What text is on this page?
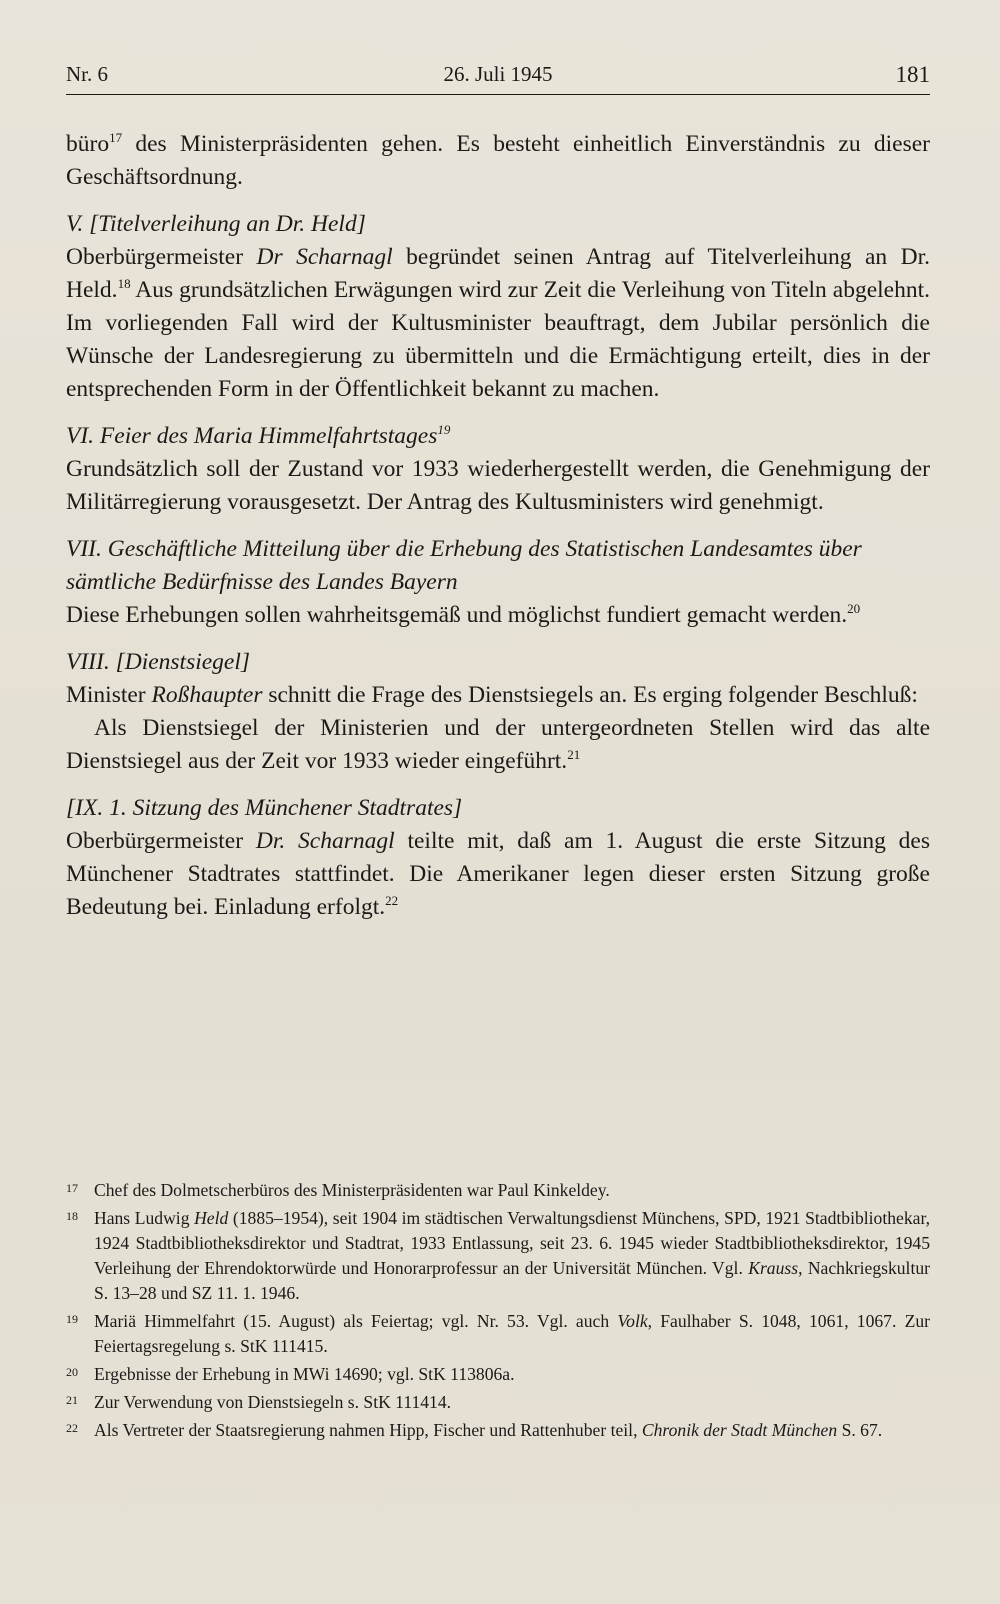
Nr. 6	26. Juli 1945	181

büro$^{17}$ des Ministerpräsidenten gehen. Es besteht einheitlich Einverständnis zu dieser Geschäftsordnung.

V. [Titelverleihung an Dr. Held]

Oberbürgermeister Dr Scharnagl begründet seinen Antrag auf Titelverleihung an Dr. Held.$^{18}$ Aus grundsätzlichen Erwägungen wird zur Zeit die Verleihung von Titeln abgelehnt. Im vorliegenden Fall wird der Kultusminister beauftragt, dem Jubilar persönlich die Wünsche der Landesregierung zu übermitteln und die Ermächtigung erteilt, dies in der entsprechenden Form in der Öffentlichkeit bekannt zu machen.

VI. Feier des Maria Himmelfahrtstages$^{19}$

Grundsätzlich soll der Zustand vor 1933 wiederhergestellt werden, die Genehmigung der Militärregierung vorausgesetzt. Der Antrag des Kultusministers wird genehmigt.

VII. Geschäftliche Mitteilung über die Erhebung des Statistischen Landesamtes über sämtliche Bedürfnisse des Landes Bayern

Diese Erhebungen sollen wahrheitsgemäß und möglichst fundiert gemacht werden.$^{20}$

VIII. [Dienstsiegel]

Minister Roßhaupter schnitt die Frage des Dienstsiegels an. Es erging folgender Beschluß:

Als Dienstsiegel der Ministerien und der untergeordneten Stellen wird das alte Dienstsiegel aus der Zeit vor 1933 wieder eingeführt.$^{21}$

[IX. 1. Sitzung des Münchener Stadtrates]

Oberbürgermeister Dr. Scharnagl teilte mit, daß am 1. August die erste Sitzung des Münchener Stadtrates stattfindet. Die Amerikaner legen dieser ersten Sitzung große Bedeutung bei. Einladung erfolgt.$^{22}$

17 Chef des Dolmetscherbüros des Ministerpräsidenten war Paul Kinkeldey.
18 Hans Ludwig Held (1885–1954), seit 1904 im städtischen Verwaltungsdienst Münchens, SPD, 1921 Stadtbibliothekar, 1924 Stadtbibliotheksdirektor und Stadtrat, 1933 Entlassung, seit 23. 6. 1945 wieder Stadtbibliotheksdirektor, 1945 Verleihung der Ehrendoktorwürde und Honorarprofessur an der Universität München. Vgl. Krauss, Nachkriegskultur S. 13–28 und SZ 11. 1. 1946.
19 Mariä Himmelfahrt (15. August) als Feiertag; vgl. Nr. 53. Vgl. auch Volk, Faulhaber S. 1048, 1061, 1067. Zur Feiertagsregelung s. StK 111415.
20 Ergebnisse der Erhebung in MWi 14690; vgl. StK 113806a.
21 Zur Verwendung von Dienstsiegeln s. StK 111414.
22 Als Vertreter der Staatsregierung nahmen Hipp, Fischer und Rattenhuber teil, Chronik der Stadt München S. 67.
